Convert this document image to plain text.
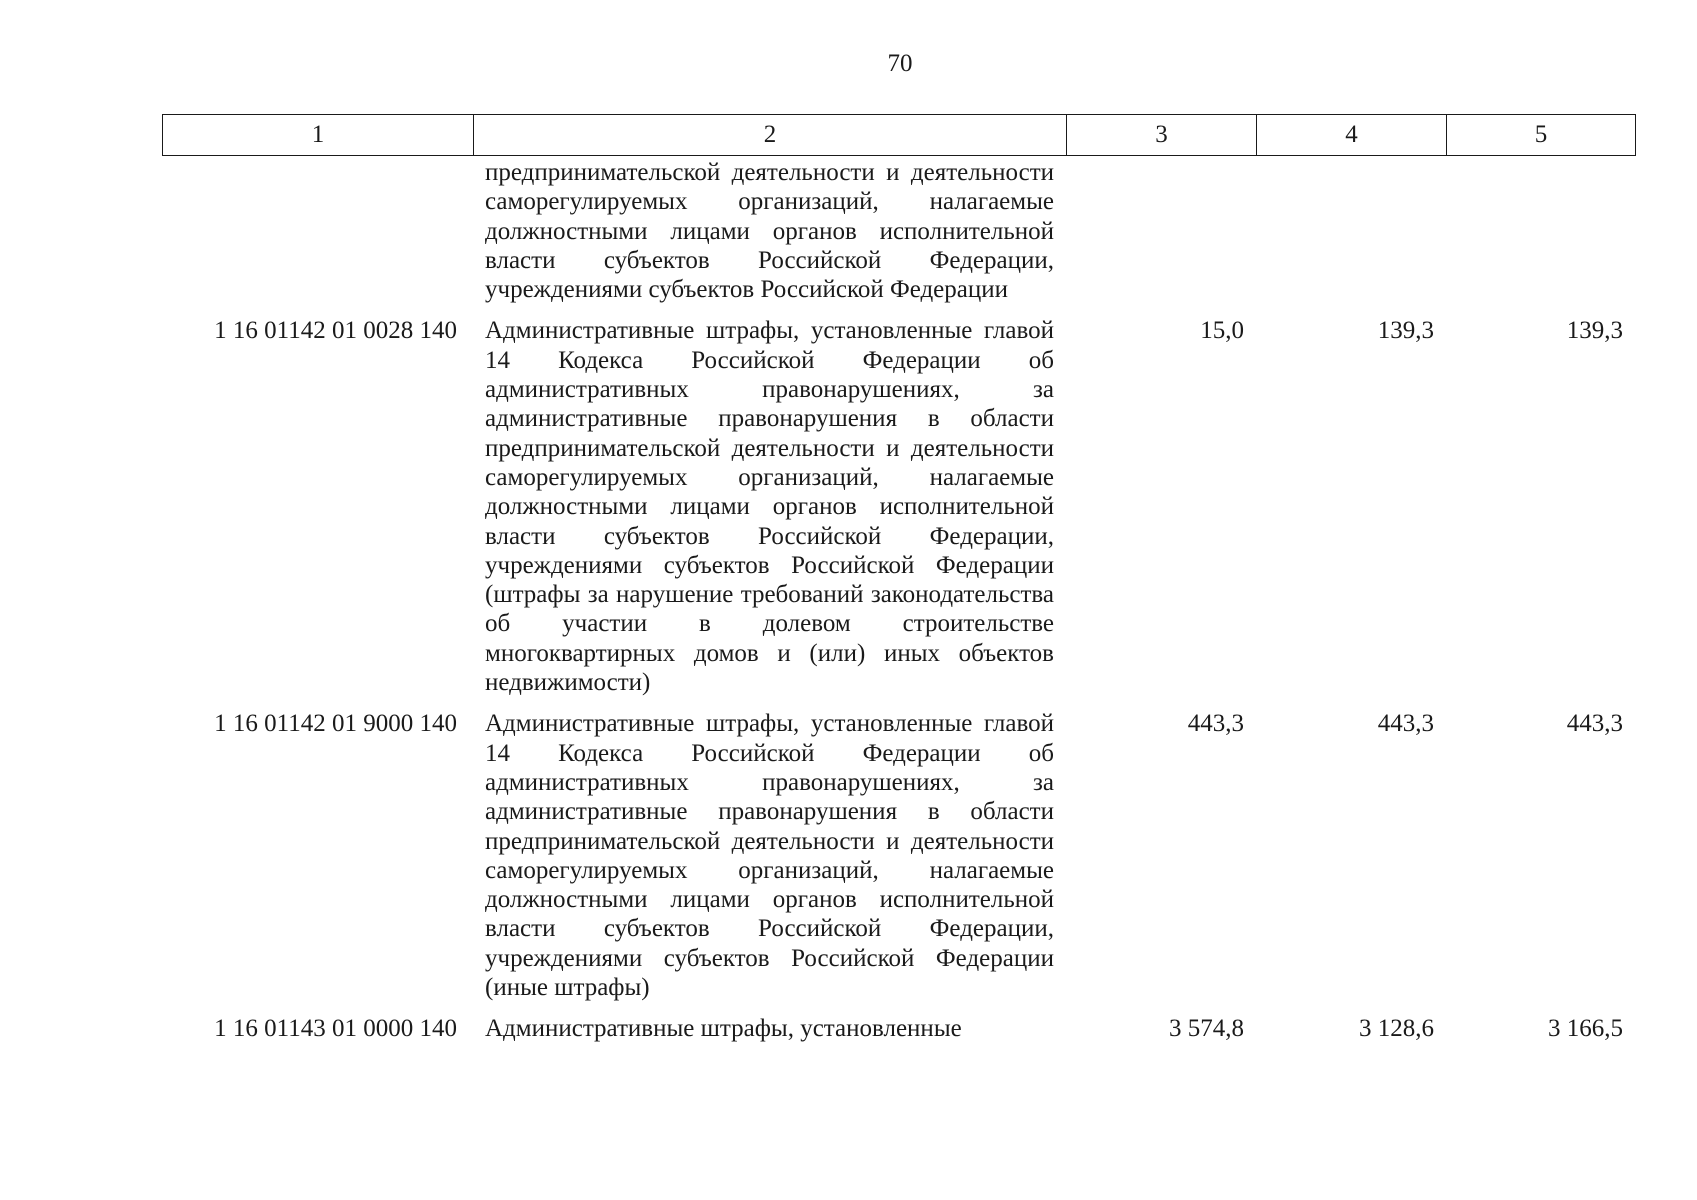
70
1	2	3	4	5
	предпринимательской деятельности и деятельности саморегулируемых организаций, налагаемые должностными лицами органов исполнительной власти субъектов Российской Федерации, учреждениями субъектов Российской Федерации			
1 16 01142 01 0028 140	Административные штрафы, установленные главой 14 Кодекса Российской Федерации об административных правонарушениях, за административные правонарушения в области предпринимательской деятельности и деятельности саморегулируемых организаций, налагаемые должностными лицами органов исполнительной власти субъектов Российской Федерации, учреждениями субъектов Российской Федерации (штрафы за нарушение требований законодательства об участии в долевом строительстве многоквартирных домов и (или) иных объектов недвижимости)	15,0	139,3	139,3
1 16 01142 01 9000 140	Административные штрафы, установленные главой 14 Кодекса Российской Федерации об административных правонарушениях, за административные правонарушения в области предпринимательской деятельности и деятельности саморегулируемых организаций, налагаемые должностными лицами органов исполнительной власти субъектов Российской Федерации, учреждениями субъектов Российской Федерации (иные штрафы)	443,3	443,3	443,3
1 16 01143 01 0000 140	Административные штрафы, установленные	3 574,8	3 128,6	3 166,5
